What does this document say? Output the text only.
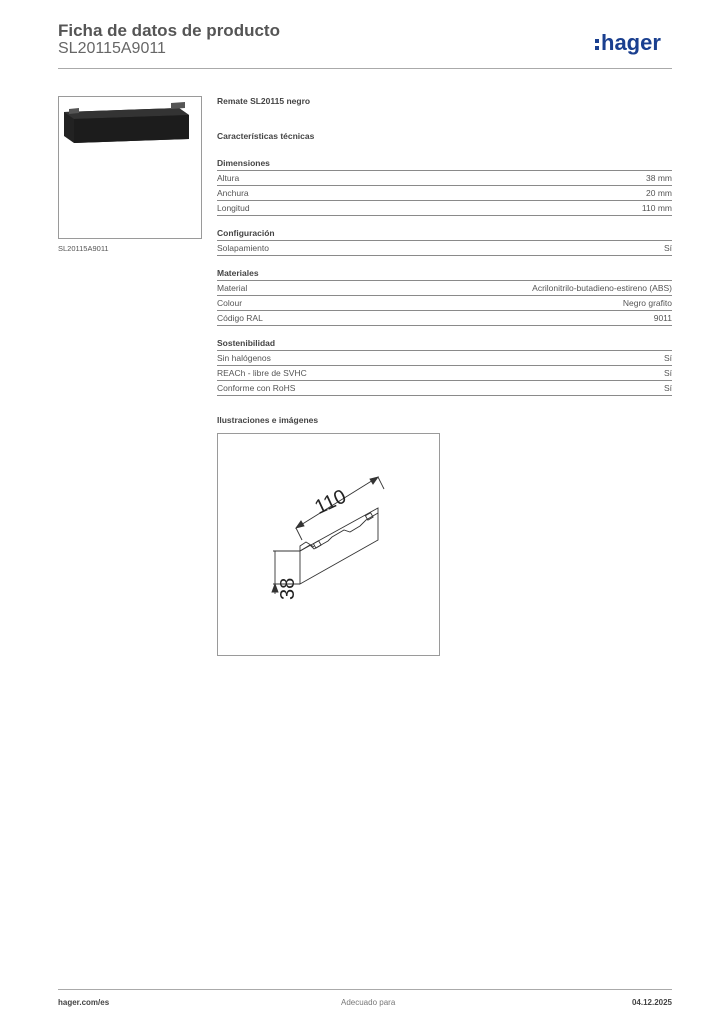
Ficha de datos de producto
SL20115A9011	hager
SL20115A9011
Remate SL20115 negro
Características técnicas
Dimensiones
Altura	38 mm
Anchura	20 mm
Longitud	110 mm
Configuración
Solapamiento	Sí
Materiales
Material	Acrilonitrilo-butadieno-estireno (ABS)
Colour	Negro grafito
Código RAL	9011
Sostenibilidad
Sin halógenos	Sí
REACh - libre de SVHC	Sí
Conforme con RoHS	Sí
Ilustraciones e imágenes
110
38
hager.com/es	Adecuado para	04.12.2025
